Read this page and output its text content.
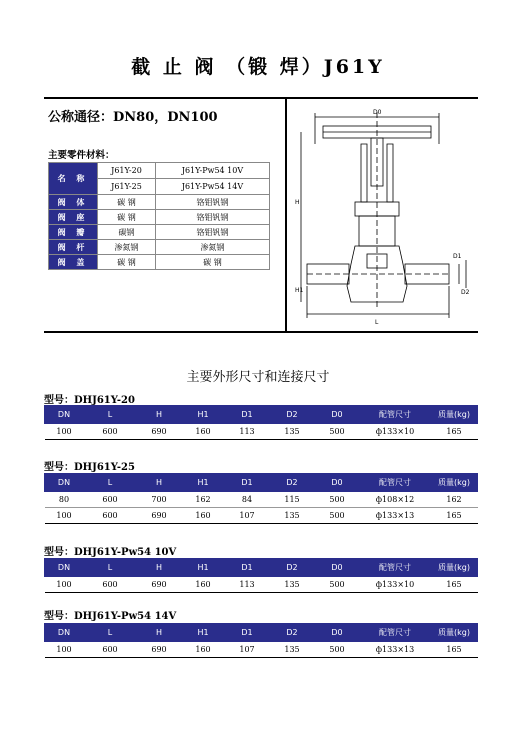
截 止 阀 （锻 焊）J61Y
公称通径：DN80，DN100
主要零件材料：
名 称	J61Y-20	J61Y-Pw54 10V
	J61Y-25	J61Y-Pw54 14V
阀 体	碳 钢	铬钼钒钢
阀 座	碳 钢	铬钼钒钢
阀 瓣	碳钢	铬钼钒钢
阀 杆	渗氮钢	渗氮钢
阀 盖	碳 钢	碳 钢
D0
H
H1
L
D1
D2
主要外形尺寸和连接尺寸
型号：DHJ61Y-20
DN	L	H	H1	D1	D2	D0	配管尺寸	质量(kg)
100	600	690	160	113	135	500	ф133×10	165
型号：DHJ61Y-25
DN	L	H	H1	D1	D2	D0	配管尺寸	质量(kg)
80	600	700	162	84	115	500	ф108×12	162
100	600	690	160	107	135	500	ф133×13	165
型号：DHJ61Y-Pw54 10V
DN	L	H	H1	D1	D2	D0	配管尺寸	质量(kg)
100	600	690	160	113	135	500	ф133×10	165
型号：DHJ61Y-Pw54 14V
DN	L	H	H1	D1	D2	D0	配管尺寸	质量(kg)
100	600	690	160	107	135	500	ф133×13	165
